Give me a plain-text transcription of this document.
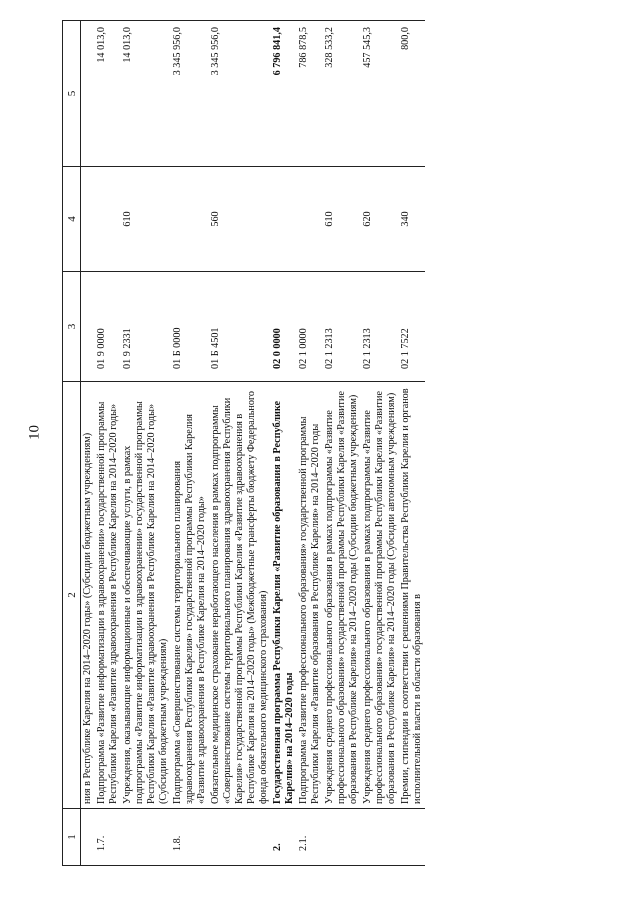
10
1	2	3	4	5

	ния в Республике Карелия на 2014–2020 годы» (Субсидии бюджетным учреждениям)			

1.7.	Подпрограмма «Развитие информатизации в здравоохранении» государственной программы Республики Карелия «Развитие здравоохранения в Республике Карелия на 2014–2020 годы»	01 9 0000		14 013,0

	Учреждения, оказывающие информационные и обеспечивающие услуги, в рамках подпрограммы «Развитие информатизации в здравоохранении» государственной программы Республики Карелия «Развитие здравоохранения в Республике Карелия на 2014–2020 годы» (Субсидии бюджетным учреждениям)	01 9 2331	610	14 013,0

1.8.	Подпрограмма «Совершенствование системы территориального планирования здравоохранения Республики Карелия» государственной программы Республики Карелия «Развитие здравоохранения в Республике Карелия на 2014–2020 годы»	01 Б 0000		3 345 956,0

	Обязательное медицинское страхование неработающего населения в рамках подпрограммы «Совершенствование системы территориального планирования здравоохранения Республики Карелия» государственной программы Республики Карелия «Развитие здравоохранения в Республике Карелия на 2014–2020 годы» (Межбюджетные трансферты бюджету Федерального фонда обязательного медицинского страхования)	01 Б 4501	560	3 345 956,0

2.	Государственная программа Республики Карелия «Развитие образования в Республике Карелия» на 2014–2020 годы	02 0 0000		6 796 841,4

2.1.	Подпрограмма «Развитие профессионального образования» государственной программы Республики Карелия «Развитие образования в Республике Карелия» на 2014–2020 годы	02 1 0000		786 878,5

	Учреждения среднего профессионального образования в рамках подпрограммы «Развитие профессионального образования» государственной программы Республики Карелия «Развитие образования в Республике Карелия» на 2014–2020 годы (Субсидии бюджетным учреждениям)	02 1 2313	610	328 533,2

	Учреждения среднего профессионального образования в рамках подпрограммы «Развитие профессионального образования» государственной программы Республики Карелия «Развитие образования в Республике Карелия» на 2014–2020 годы (Субсидии автономным учреждениям)	02 1 2313	620	457 545,3

	Премии, стипендии в соответствии с решениями Правительства Республики Карелия и органов исполнительной власти в области образования в	02 1 7522	340	800,0
